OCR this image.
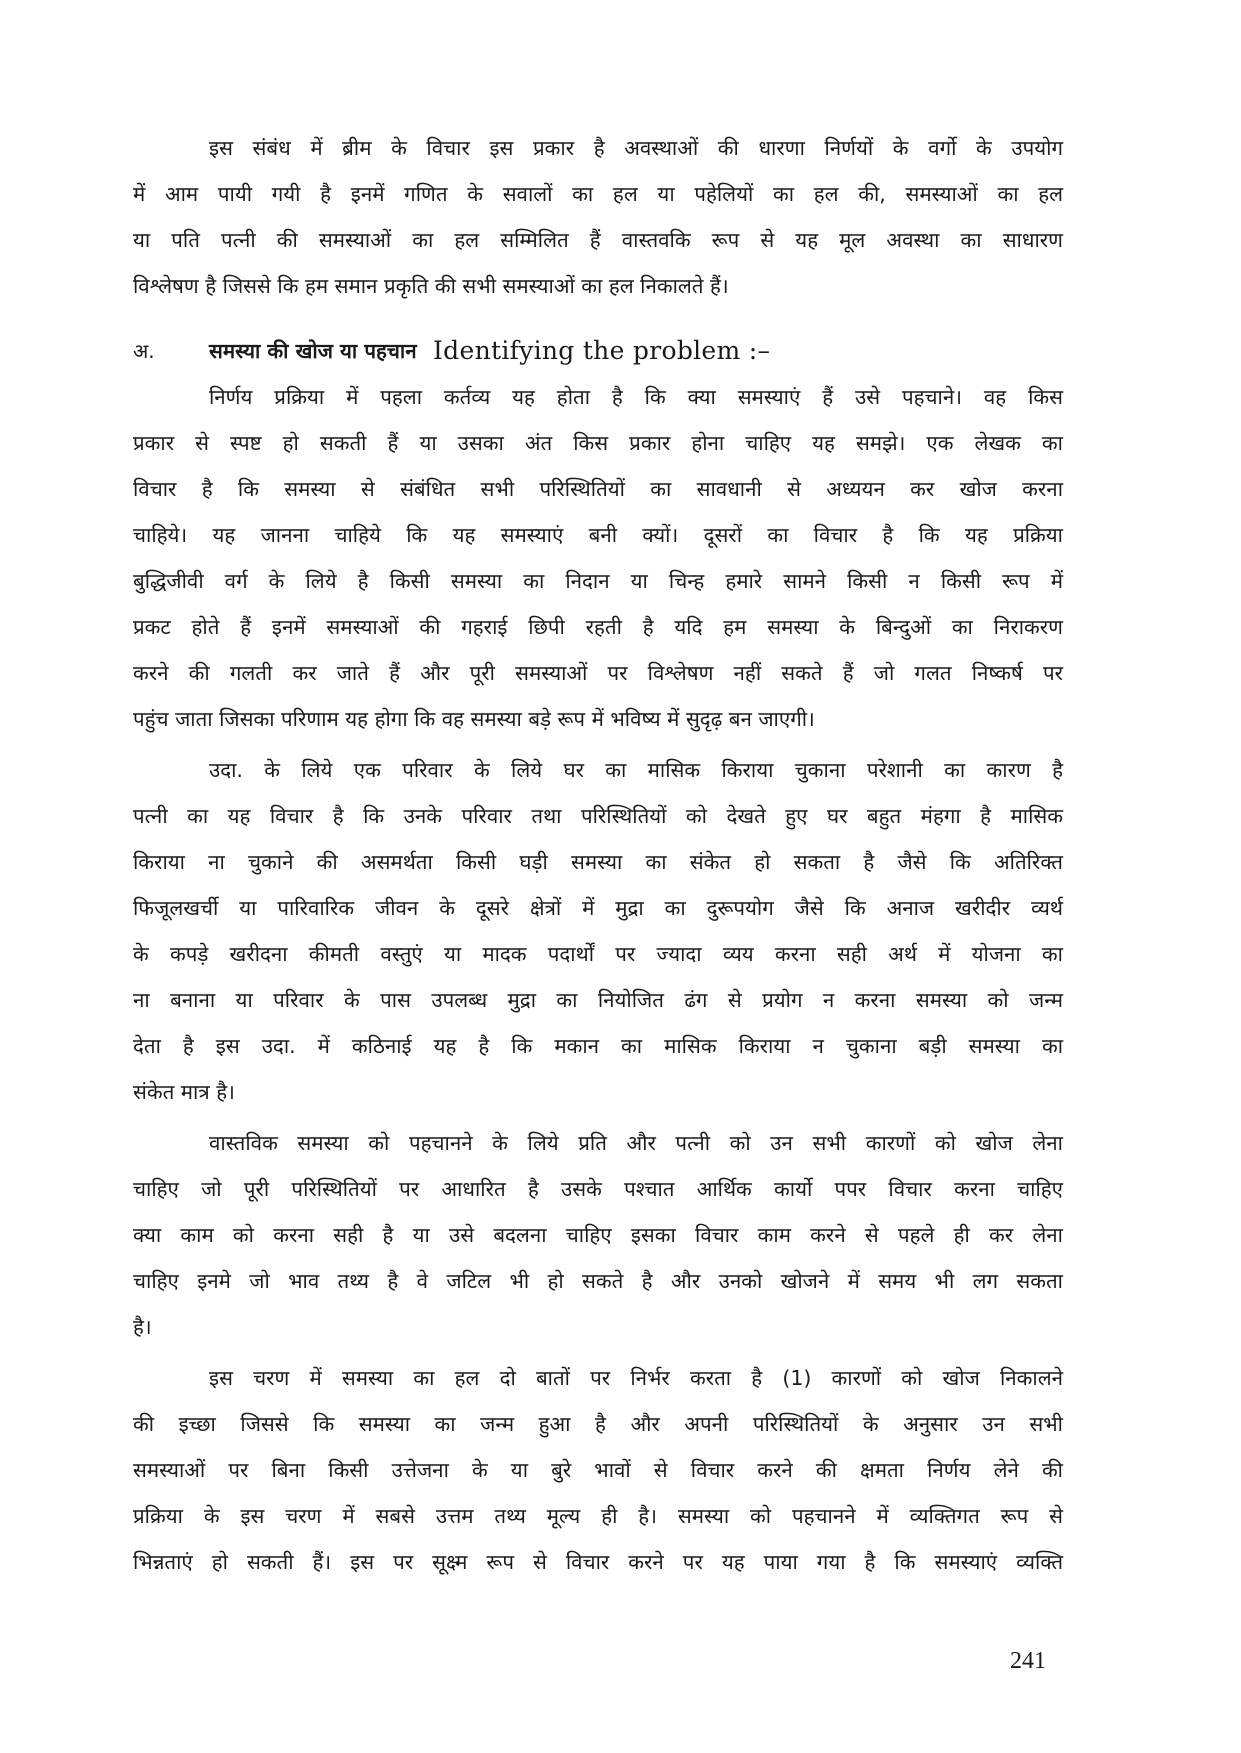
इस संबंध में ब्रीम के विचार इस प्रकार है अवस्थाओं की धारणा निर्णयों के वर्गो के उपयोग
में आम पायी गयी है इनमें गणित के सवालों का हल या पहेलियों का हल की, समस्याओं का हल
या पति पत्नी की समस्याओं का हल सम्मिलित हैं वास्तवकि रूप से यह मूल अवस्था का साधारण
विश्लेषण है जिससे कि हम समान प्रकृति की सभी समस्याओं का हल निकालते हैं।
अ.	समस्या की खोज या पहचान Identifying the problem :–
निर्णय प्रक्रिया में पहला कर्तव्य यह होता है कि क्या समस्याएं हैं उसे पहचाने। वह किस
प्रकार से स्पष्ट हो सकती हैं या उसका अंत किस प्रकार होना चाहिए यह समझे। एक लेखक का
विचार है कि समस्या से संबंधित सभी परिस्थितियों का सावधानी से अध्ययन कर खोज करना
चाहिये। यह जानना चाहिये कि यह समस्याएं बनी क्यों। दूसरों का विचार है कि यह प्रक्रिया
बुद्धिजीवी वर्ग के लिये है किसी समस्या का निदान या चिन्ह हमारे सामने किसी न किसी रूप में
प्रकट होते हैं इनमें समस्याओं की गहराई छिपी रहती है यदि हम समस्या के बिन्दुओं का निराकरण
करने की गलती कर जाते हैं और पूरी समस्याओं पर विश्लेषण नहीं सकते हैं जो गलत निष्कर्ष पर
पहुंच जाता जिसका परिणाम यह होगा कि वह समस्या बड़े रूप में भविष्य में सुदृढ़ बन जाएगी।
उदा. के लिये एक परिवार के लिये घर का मासिक किराया चुकाना परेशानी का कारण है
पत्नी का यह विचार है कि उनके परिवार तथा परिस्थितियों को देखते हुए घर बहुत मंहगा है मासिक
किराया ना चुकाने की असमर्थता किसी घड़ी समस्या का संकेत हो सकता है जैसे कि अतिरिक्त
फिजूलखर्ची या पारिवारिक जीवन के दूसरे क्षेत्रों में मुद्रा का दुरूपयोग जैसे कि अनाज खरीदीर व्यर्थ
के कपड़े खरीदना कीमती वस्तुएं या मादक पदार्थों पर ज्यादा व्यय करना सही अर्थ में योजना का
ना बनाना या परिवार के पास उपलब्ध मुद्रा का नियोजित ढंग से प्रयोग न करना समस्या को जन्म
देता है इस उदा. में कठिनाई यह है कि मकान का मासिक किराया न चुकाना बड़ी समस्या का
संकेत मात्र है।
वास्तविक समस्या को पहचानने के लिये प्रति और पत्नी को उन सभी कारणों को खोज लेना
चाहिए जो पूरी परिस्थितियों पर आधारित है उसके पश्चात आर्थिक कार्यो पपर विचार करना चाहिए
क्या काम को करना सही है या उसे बदलना चाहिए इसका विचार काम करने से पहले ही कर लेना
चाहिए इनमे जो भाव तथ्य है वे जटिल भी हो सकते है और उनको खोजने में समय भी लग सकता
है।
इस चरण में समस्या का हल दो बातों पर निर्भर करता है (1) कारणों को खोज निकालने
की इच्छा जिससे कि समस्या का जन्म हुआ है और अपनी परिस्थितियों के अनुसार उन सभी
समस्याओं पर बिना किसी उत्तेजना के या बुरे भावों से विचार करने की क्षमता निर्णय लेने की
प्रक्रिया के इस चरण में सबसे उत्तम तथ्य मूल्य ही है। समस्या को पहचानने में व्यक्तिगत रूप से
भिन्नताएं हो सकती हैं। इस पर सूक्ष्म रूप से विचार करने पर यह पाया गया है कि समस्याएं व्यक्ति
241
